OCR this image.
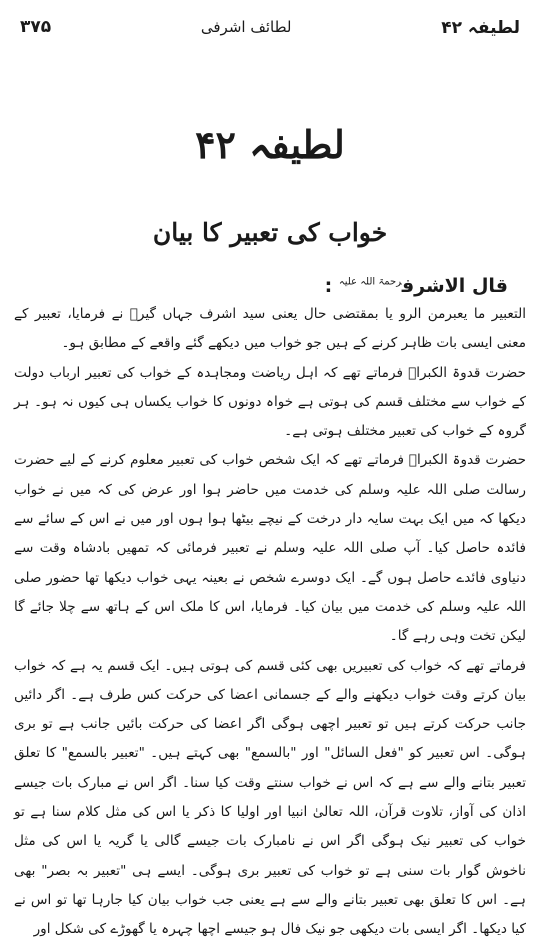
۳۷۵	لطائف اشرفی	لطیفہ ۴۲
لطیفہ ۴۲
خواب کی تعبیر کا بیان
قال الاشرف$^{رحمۃ اللہ علیہ}$ :

التعبیر ما یعبرمن الرو یا بمقتضی حال یعنی سید اشرف جہاں گیرؒ نے فرمایا، تعبیر کے معنی ایسی بات ظاہر کرنے کے ہیں جو خواب میں دیکھے گئے واقعے کے مطابق ہو۔

حضرت قدوۃ الکبراؒ فرماتے تھے کہ اہل ریاضت ومجاہدہ کے خواب کی تعبیر ارباب دولت کے خواب سے مختلف قسم کی ہوتی ہے خواہ دونوں کا خواب یکساں ہی کیوں نہ ہو۔ ہر گروہ کے خواب کی تعبیر مختلف ہوتی ہے۔

حضرت قدوۃ الکبراؒ فرماتے تھے کہ ایک شخص خواب کی تعبیر معلوم کرنے کے لیے حضرت رسالت صلی اللہ علیہ وسلم کی خدمت میں حاضر ہوا اور عرض کی کہ میں نے خواب دیکھا کہ میں ایک بہت سایہ دار درخت کے نیچے بیٹھا ہوا ہوں اور میں نے اس کے سائے سے فائدہ حاصل کیا۔ آپ صلی اللہ علیہ وسلم نے تعبیر فرمائی کہ تمھیں بادشاہ وقت سے دنیاوی فائدے حاصل ہوں گے۔ ایک دوسرے شخص نے بعینہ یہی خواب دیکھا تھا حضور صلی اللہ علیہ وسلم کی خدمت میں بیان کیا۔ فرمایا، اس کا ملک اس کے ہاتھ سے چلا جائے گا لیکن تخت وہی رہے گا۔

فرماتے تھے کہ خواب کی تعبیریں بھی کئی قسم کی ہوتی ہیں۔ ایک قسم یہ ہے کہ خواب بیان کرتے وقت خواب دیکھنے والے کے جسمانی اعضا کی حرکت کس طرف ہے۔ اگر دائیں جانب حرکت کرتے ہیں تو تعبیر اچھی ہوگی اگر اعضا کی حرکت بائیں جانب ہے تو بری ہوگی۔ اس تعبیر کو "فعل السائل" اور "بالسمع" بھی کہتے ہیں۔ "تعبیر بالسمع" کا تعلق تعبیر بتانے والے سے ہے کہ اس نے خواب سنتے وقت کیا سنا۔ اگر اس نے مبارک بات جیسے اذان کی آواز، تلاوت قرآن، اللہ تعالیٰ انبیا اور اولیا کا ذکر یا اس کی مثل کلام سنا ہے تو خواب کی تعبیر نیک ہوگی اگر اس نے نامبارک بات جیسے گالی یا گریہ یا اس کی مثل ناخوش گوار بات سنی ہے تو خواب کی تعبیر بری ہوگی۔ ایسے ہی "تعبیر بہ بصر" بھی ہے۔ اس کا تعلق بھی تعبیر بتانے والے سے ہے یعنی جب خواب بیان کیا جارہا تھا تو اس نے کیا دیکھا۔ اگر ایسی بات دیکھی جو نیک فال ہو جیسے اچھا چہرہ یا گھوڑے کی شکل اور
